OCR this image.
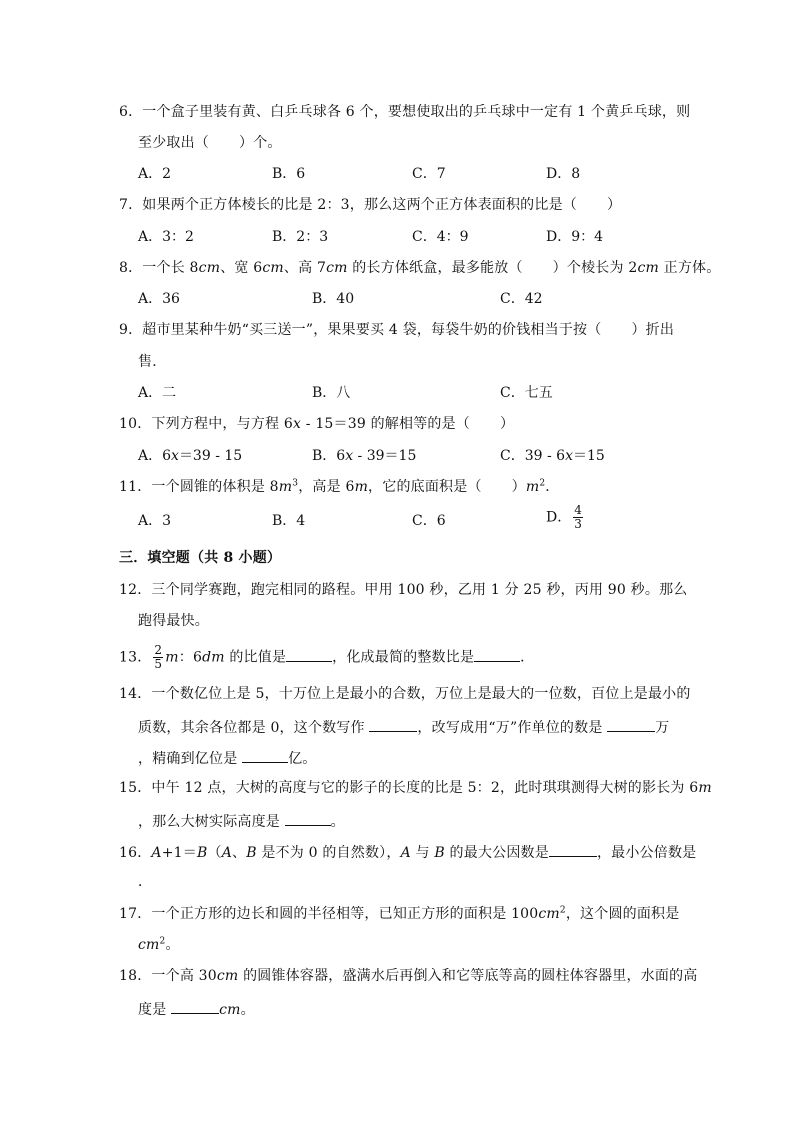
6．一个盒子里装有黄、白乒乓球各 6 个，要想使取出的乒乓球中一定有 1 个黄乒乓球，则
至少取出（ ）个。
A．2	B．6	C．7	D．8
7．如果两个正方体棱长的比是 2：3，那么这两个正方体表面积的比是（ ）
A．3：2	B．2：3	C．4：9	D．9：4
8．一个长 8cm、宽 6cm、高 7cm 的长方体纸盒，最多能放（ ）个棱长为 2cm 正方体。
A．36	B．40	C．42
9．超市里某种牛奶“买三送一”，果果要买 4 袋，每袋牛奶的价钱相当于按（ ）折出
售．
A．二	B．八	C．七五
10．下列方程中，与方程 6x - 15＝39 的解相等的是（ ）
A．6x＝39 - 15	B．6x - 39＝15	C．39 - 6x＝15
11．一个圆锥的体积是 $8m^3$，高是 6m，它的底面积是（ ）$m^2$．
A．3	B．4	C．6	D． $\frac{4}{3}$
三．填空题（共 8 小题）
12．三个同学赛跑，跑完相同的路程。甲用 100 秒，乙用 1 分 25 秒，丙用 90 秒。那么
跑得最快。
13． $\frac{2}{5}$ m：6dm 的比值是	，化成最简的整数比是	．
14．一个数亿位上是 5，十万位上是最小的合数，万位上是最大的一位数，百位上是最小的
质数，其余各位都是 0，这个数写作	，改写成用“万”作单位的数是	万
，精确到亿位是	亿。
15．中午 12 点，大树的高度与它的影子的长度的比是 5：2，此时琪琪测得大树的影长为 6m
，那么大树实际高度是	。
16．A+1＝B（A、B 是不为 0 的自然数），A 与 B 的最大公因数是	，最小公倍数是
．
17．一个正方形的边长和圆的半径相等，已知正方形的面积是 $100cm^2$，这个圆的面积是
$cm^2$。
18．一个高 30cm 的圆锥体容器，盛满水后再倒入和它等底等高的圆柱体容器里，水面的高
度是	cm。
